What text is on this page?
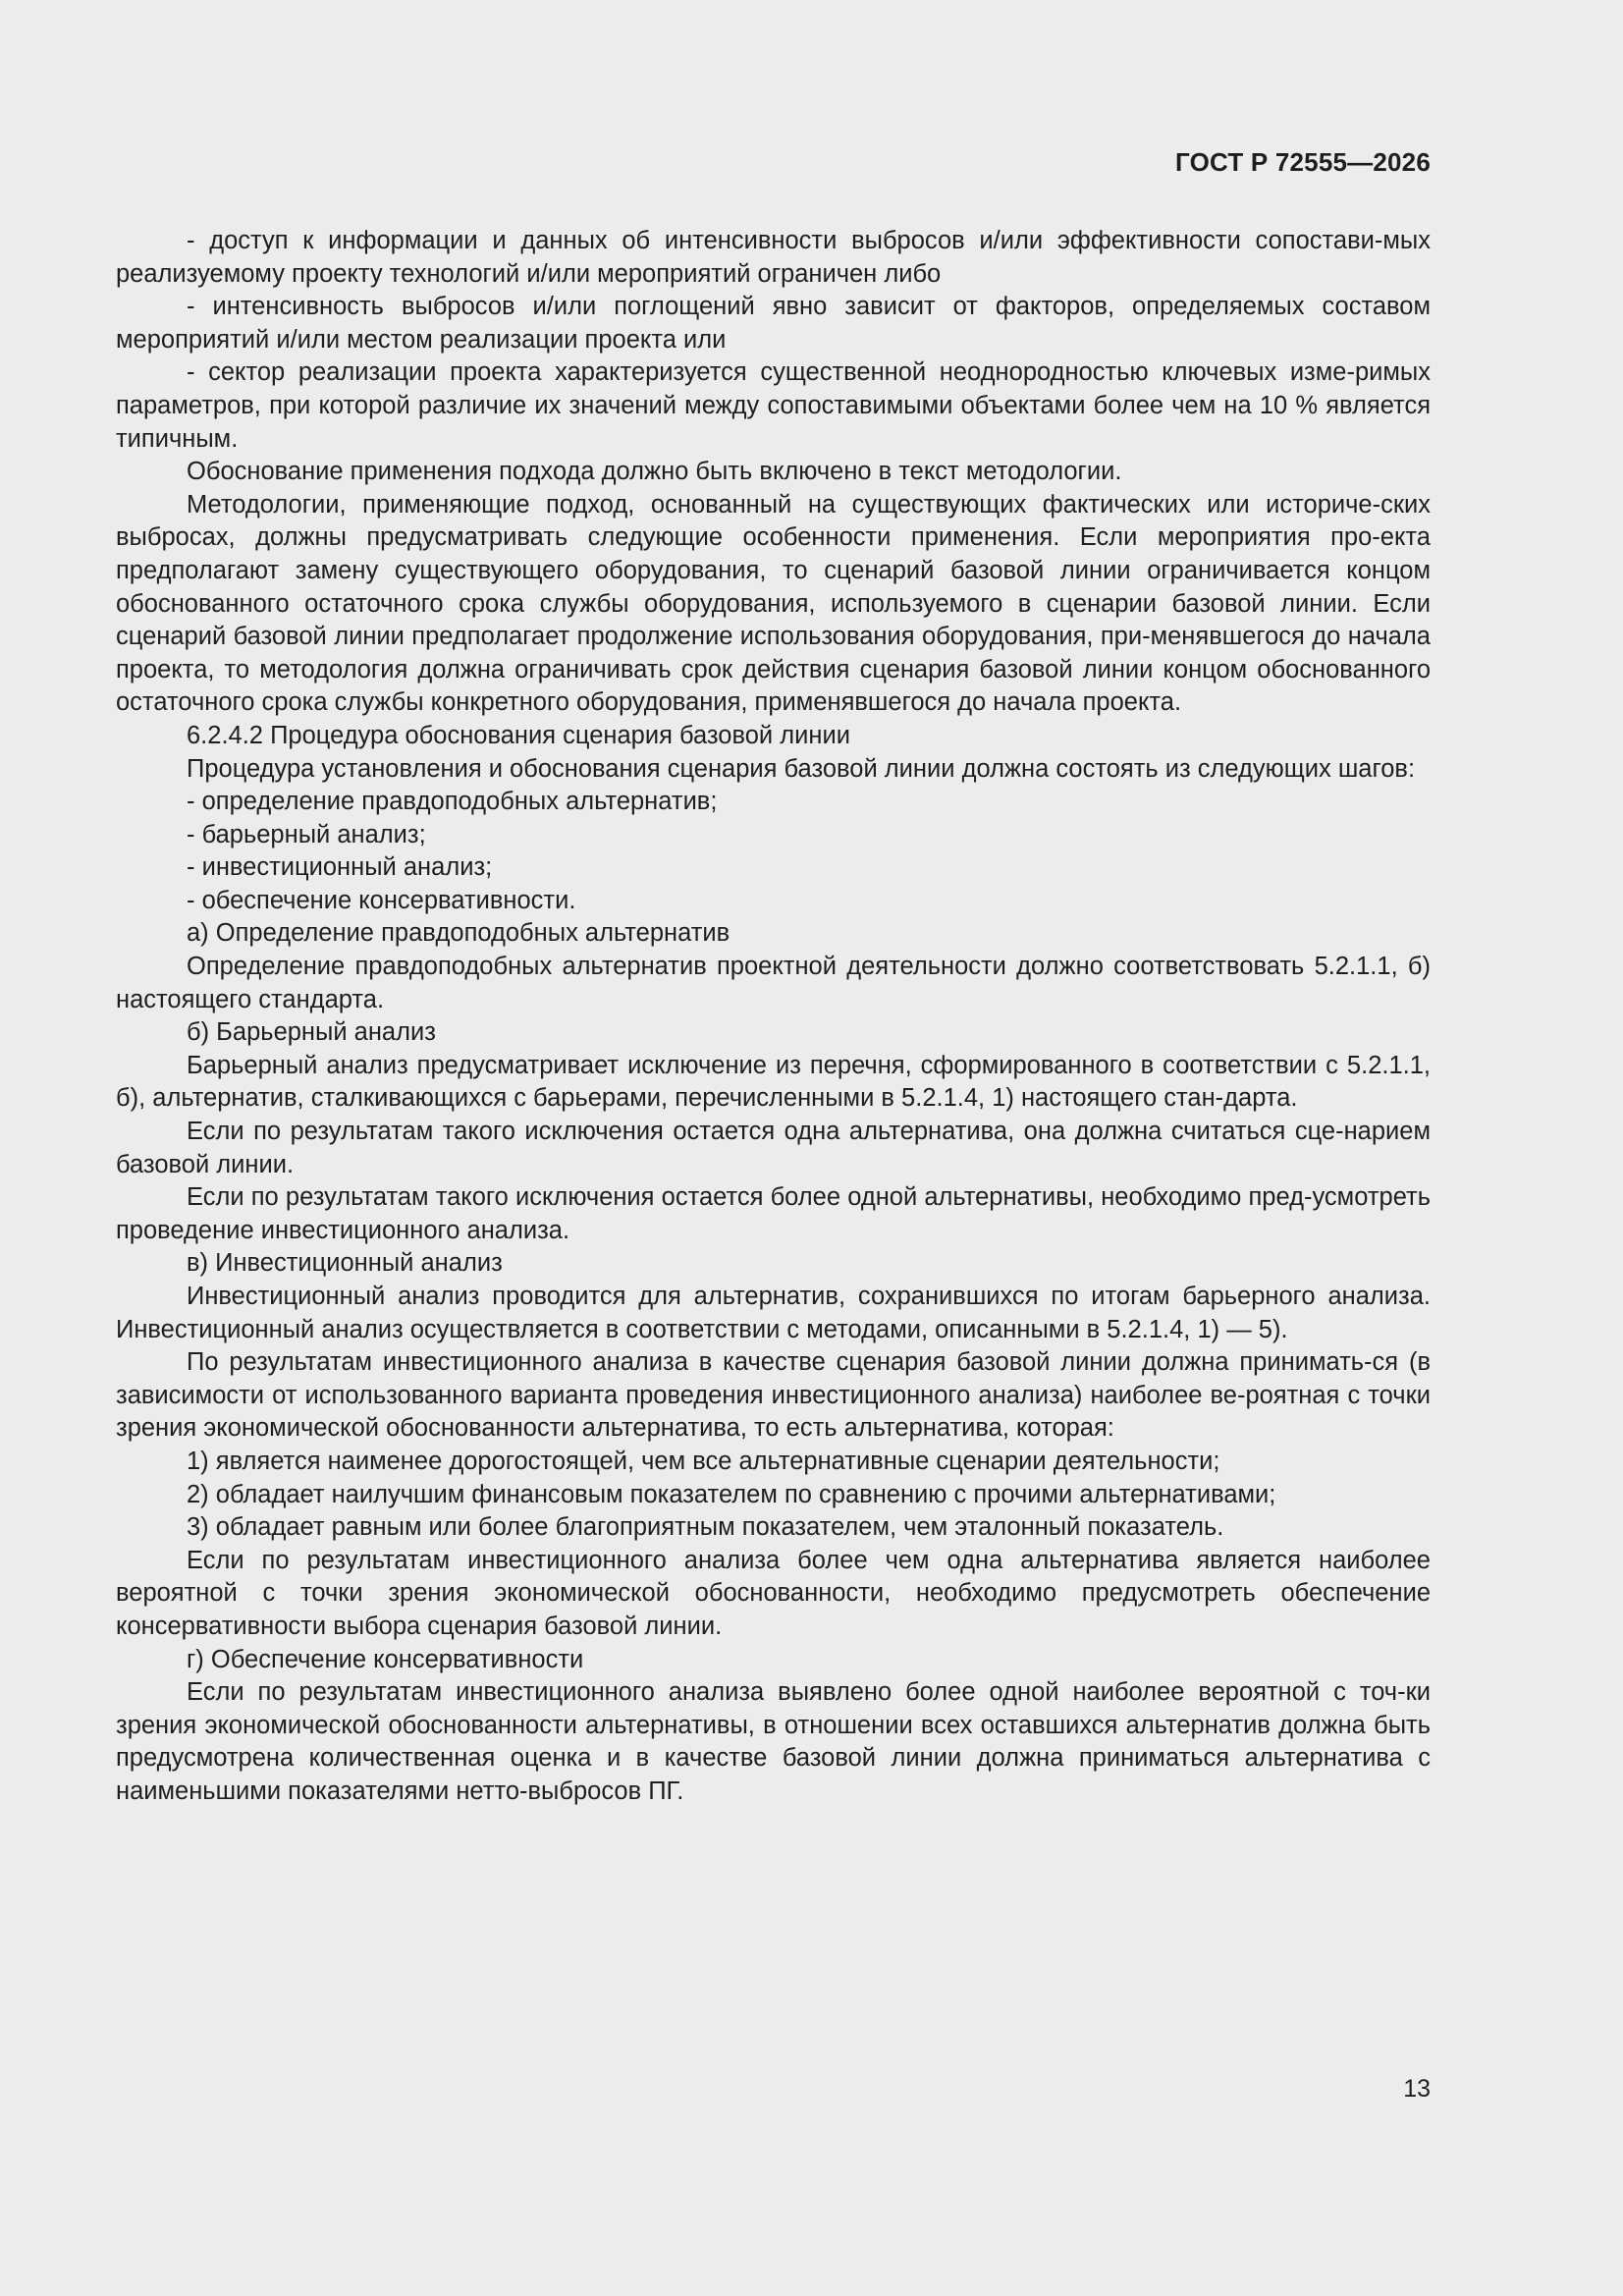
ГОСТ Р 72555—2026

- доступ к информации и данных об интенсивности выбросов и/или эффективности сопостави-мых реализуемому проекту технологий и/или мероприятий ограничен либо

- интенсивность выбросов и/или поглощений явно зависит от факторов, определяемых составом мероприятий и/или местом реализации проекта или

- сектор реализации проекта характеризуется существенной неоднородностью ключевых изме-римых параметров, при которой различие их значений между сопоставимыми объектами более чем на 10 % является типичным.

Обоснование применения подхода должно быть включено в текст методологии.

Методологии, применяющие подход, основанный на существующих фактических или историче-ских выбросах, должны предусматривать следующие особенности применения. Если мероприятия про-екта предполагают замену существующего оборудования, то сценарий базовой линии ограничивается концом обоснованного остаточного срока службы оборудования, используемого в сценарии базовой линии. Если сценарий базовой линии предполагает продолжение использования оборудования, при-менявшегося до начала проекта, то методология должна ограничивать срок действия сценария базовой линии концом обоснованного остаточного срока службы конкретного оборудования, применявшегося до начала проекта.

6.2.4.2 Процедура обоснования сценария базовой линии

Процедура установления и обоснования сценария базовой линии должна состоять из следующих шагов:

- определение правдоподобных альтернатив;

- барьерный анализ;

- инвестиционный анализ;

- обеспечение консервативности.

а) Определение правдоподобных альтернатив

Определение правдоподобных альтернатив проектной деятельности должно соответствовать 5.2.1.1, б) настоящего стандарта.

б) Барьерный анализ

Барьерный анализ предусматривает исключение из перечня, сформированного в соответствии с 5.2.1.1, б), альтернатив, сталкивающихся с барьерами, перечисленными в 5.2.1.4, 1) настоящего стан-дарта.

Если по результатам такого исключения остается одна альтернатива, она должна считаться сце-нарием базовой линии.

Если по результатам такого исключения остается более одной альтернативы, необходимо пред-усмотреть проведение инвестиционного анализа.

в) Инвестиционный анализ

Инвестиционный анализ проводится для альтернатив, сохранившихся по итогам барьерного анализа. Инвестиционный анализ осуществляется в соответствии с методами, описанными в 5.2.1.4, 1) — 5).

По результатам инвестиционного анализа в качестве сценария базовой линии должна принимать-ся (в зависимости от использованного варианта проведения инвестиционного анализа) наиболее ве-роятная с точки зрения экономической обоснованности альтернатива, то есть альтернатива, которая:

1) является наименее дорогостоящей, чем все альтернативные сценарии деятельности;

2) обладает наилучшим финансовым показателем по сравнению с прочими альтернативами;

3) обладает равным или более благоприятным показателем, чем эталонный показатель.

Если по результатам инвестиционного анализа более чем одна альтернатива является наиболее вероятной с точки зрения экономической обоснованности, необходимо предусмотреть обеспечение консервативности выбора сценария базовой линии.

г) Обеспечение консервативности

Если по результатам инвестиционного анализа выявлено более одной наиболее вероятной с точ-ки зрения экономической обоснованности альтернативы, в отношении всех оставшихся альтернатив должна быть предусмотрена количественная оценка и в качестве базовой линии должна приниматься альтернатива с наименьшими показателями нетто-выбросов ПГ.

13
